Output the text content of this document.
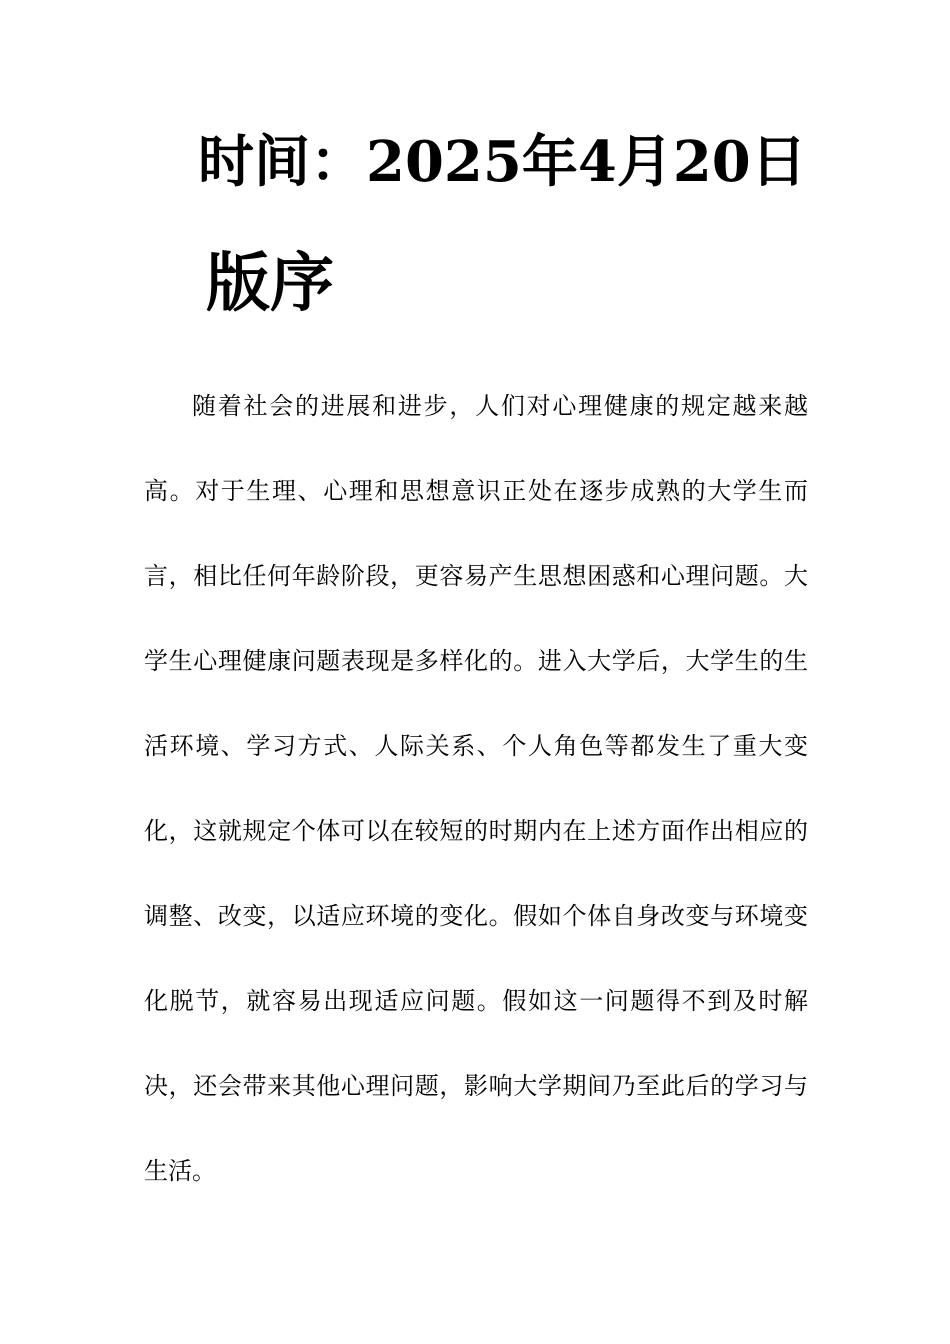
时间：2025年4月20日
版序

随着社会的进展和进步，人们对心理健康的规定越来越高。对于生理、心理和思想意识正处在逐步成熟的大学生而言，相比任何年龄阶段，更容易产生思想困惑和心理问题。大学生心理健康问题表现是多样化的。进入大学后，大学生的生活环境、学习方式、人际关系、个人角色等都发生了重大变化，这就规定个体可以在较短的时期内在上述方面作出相应的调整、改变，以适应环境的变化。假如个体自身改变与环境变化脱节，就容易出现适应问题。假如这一问题得不到及时解决，还会带来其他心理问题，影响大学期间乃至此后的学习与生活。
